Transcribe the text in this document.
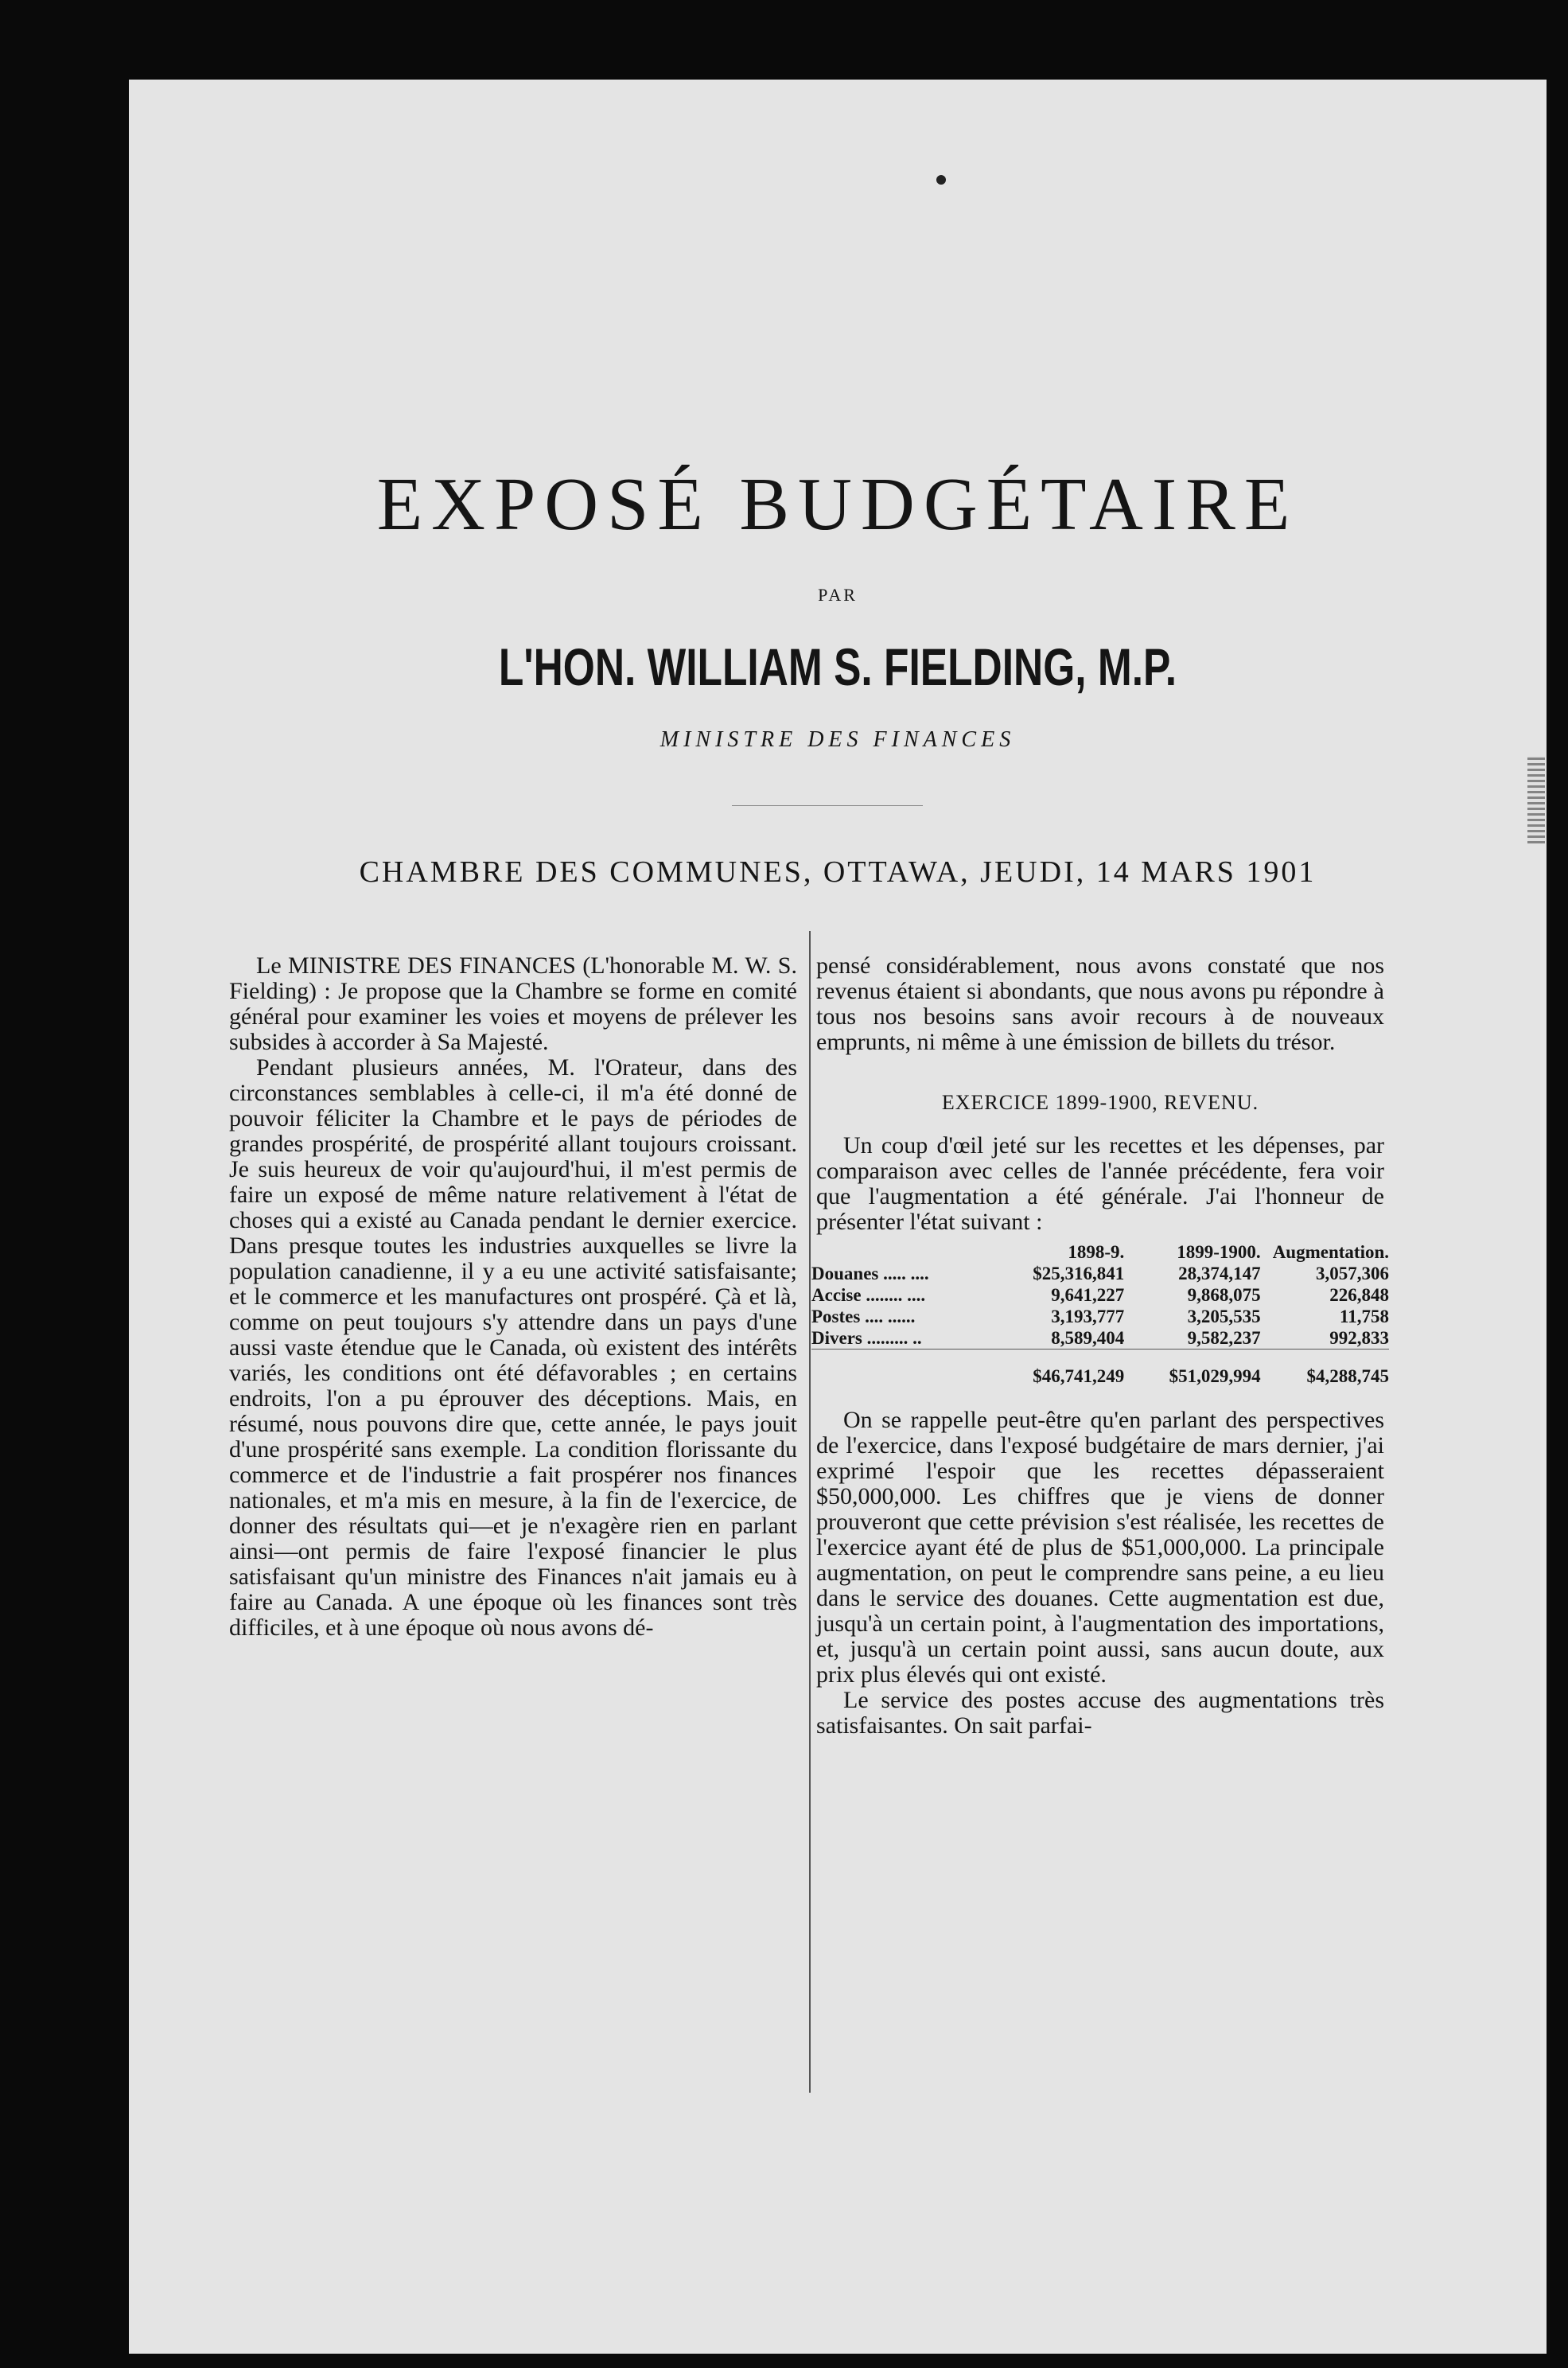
EXPOSÉ BUDGÉTAIRE
PAR
L'HON. WILLIAM S. FIELDING, M.P.
MINISTRE DES FINANCES
CHAMBRE DES COMMUNES, OTTAWA, JEUDI, 14 MARS 1901

Le MINISTRE DES FINANCES (L'honorable M. W. S. Fielding) : Je propose que la Chambre se forme en comité général pour examiner les voies et moyens de prélever les subsides à accorder à Sa Majesté.

Pendant plusieurs années, M. l'Orateur, dans des circonstances semblables à celle-ci, il m'a été donné de pouvoir féliciter la Chambre et le pays de périodes de grandes prospérité, de prospérité allant toujours croissant. Je suis heureux de voir qu'aujourd'hui, il m'est permis de faire un exposé de même nature relativement à l'état de choses qui a existé au Canada pendant le dernier exercice. Dans presque toutes les industries auxquelles se livre la population canadienne, il y a eu une activité satisfaisante; et le commerce et les manufactures ont prospéré. Çà et là, comme on peut toujours s'y attendre dans un pays d'une aussi vaste étendue que le Canada, où existent des intérêts variés, les conditions ont été défavorables ; en certains endroits, l'on a pu éprouver des déceptions. Mais, en résumé, nous pouvons dire que, cette année, le pays jouit d'une prospérité sans exemple. La condition florissante du commerce et de l'industrie a fait prospérer nos finances nationales, et m'a mis en mesure, à la fin de l'exercice, de donner des résultats qui—et je n'exagère rien en parlant ainsi—ont permis de faire l'exposé financier le plus satisfaisant qu'un ministre des Finances n'ait jamais eu à faire au Canada. A une époque où les finances sont très difficiles, et à une époque où nous avons dé-

pensé considérablement, nous avons constaté que nos revenus étaient si abondants, que nous avons pu répondre à tous nos besoins sans avoir recours à de nouveaux emprunts, ni même à une émission de billets du trésor.

EXERCICE 1899-1900, REVENU.

Un coup d'œil jeté sur les recettes et les dépenses, par comparaison avec celles de l'année précédente, fera voir que l'augmentation a été générale. J'ai l'honneur de présenter l'état suivant :

	1898-9.	1899-1900.	Augmentation.
Douanes ..... ....	$25,316,841	28,374,147	3,057,306
Accise ........ ....	9,641,227	9,868,075	226,848
Postes .... ......	3,193,777	3,205,535	11,758
Divers ......... ..	8,589,404	9,582,237	992,833
	$46,741,249	$51,029,994	$4,288,745

On se rappelle peut-être qu'en parlant des perspectives de l'exercice, dans l'exposé budgétaire de mars dernier, j'ai exprimé l'espoir que les recettes dépasseraient $50,000,000. Les chiffres que je viens de donner prouveront que cette prévision s'est réalisée, les recettes de l'exercice ayant été de plus de $51,000,000. La principale augmentation, on peut le comprendre sans peine, a eu lieu dans le service des douanes. Cette augmentation est due, jusqu'à un certain point, à l'augmentation des importations, et, jusqu'à un certain point aussi, sans aucun doute, aux prix plus élevés qui ont existé.

Le service des postes accuse des augmentations très satisfaisantes. On sait parfai-
